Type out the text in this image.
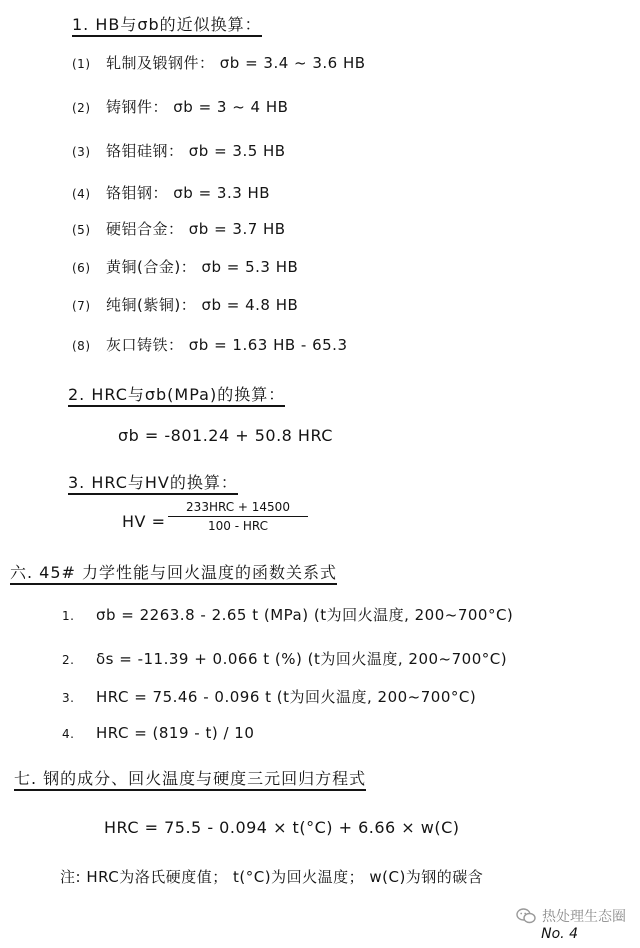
1. HB与σb的近似换算：
(1) 轧制及锻钢件： σb = 3.4 ~ 3.6 HB
(2) 铸钢件： σb = 3 ~ 4 HB
(3) 铬钼硅钢： σb = 3.5 HB
(4) 铬钼钢： σb = 3.3 HB
(5) 硬铝合金： σb = 3.7 HB
(6) 黄铜(合金)： σb = 5.3 HB
(7) 纯铜(紫铜)： σb = 4.8 HB
(8) 灰口铸铁： σb = 1.63 HB - 65.3
2. HRC与σb(MPa)的换算：
σb = -801.24 + 50.8 HRC
3. HRC与HV的换算：
HV =
233HRC + 14500
100 - HRC
六. 45# 力学性能与回火温度的函数关系式
1. σb = 2263.8 - 2.65 t (MPa) (t为回火温度, 200~700°C)
2. δs = -11.39 + 0.066 t (%) (t为回火温度, 200~700°C)
3. HRC = 75.46 - 0.096 t (t为回火温度, 200~700°C)
4. HRC = (819 - t) / 10
七. 钢的成分、回火温度与硬度三元回归方程式
HRC = 75.5 - 0.094 × t(°C) + 6.66 × w(C)
注: HRC为洛氏硬度值； t(°C)为回火温度； w(C)为钢的碳含
热处理生态圈
No. 4
